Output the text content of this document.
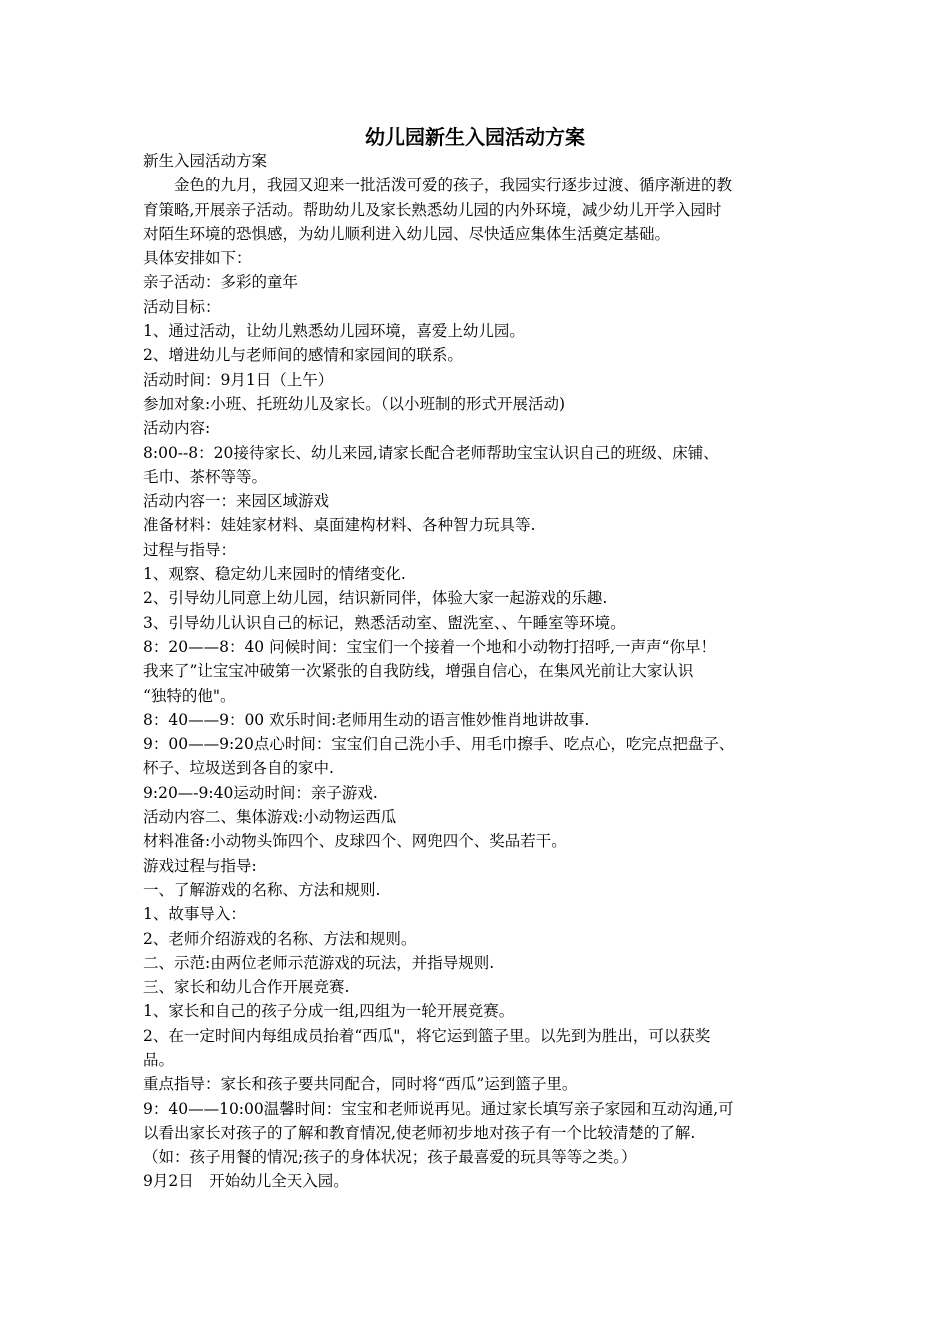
幼儿园新生入园活动方案

新生入园活动方案

金色的九月，我园又迎来一批活泼可爱的孩子，我园实行逐步过渡、循序渐进的教

育策略,开展亲子活动。帮助幼儿及家长熟悉幼儿园的内外环境，减少幼儿开学入园时

对陌生环境的恐惧感，为幼儿顺利进入幼儿园、尽快适应集体生活奠定基础。

具体安排如下：

亲子活动：多彩的童年

活动目标：

1、通过活动，让幼儿熟悉幼儿园环境，喜爱上幼儿园。

2、增进幼儿与老师间的感情和家园间的联系。

活动时间：9月1日（上午）

参加对象:小班、托班幼儿及家长。（以小班制的形式开展活动)

活动内容:

8:00--8：20接待家长、幼儿来园,请家长配合老师帮助宝宝认识自己的班级、床铺、

毛巾、茶杯等等。

活动内容一：来园区域游戏

准备材料：娃娃家材料、桌面建构材料、各种智力玩具等.

过程与指导：

1、观察、稳定幼儿来园时的情绪变化.

2、引导幼儿同意上幼儿园，结识新同伴，体验大家一起游戏的乐趣.

3、引导幼儿认识自己的标记，熟悉活动室、盥洗室、、午睡室等环境。

8：20——8：40 问候时间：宝宝们一个接着一个地和小动物打招呼,一声声“你早！

我来了”让宝宝冲破第一次紧张的自我防线，增强自信心，在集风光前让大家认识

“独特的他"。

8：40——9：00 欢乐时间:老师用生动的语言惟妙惟肖地讲故事.

9：00——9:20点心时间：宝宝们自己洗小手、用毛巾擦手、吃点心，吃完点把盘子、

杯子、垃圾送到各自的家中.

9:20—-9:40运动时间：亲子游戏.

活动内容二、集体游戏:小动物运西瓜

材料准备:小动物头饰四个、皮球四个、网兜四个、奖品若干。

游戏过程与指导:

一、了解游戏的名称、方法和规则.

1、故事导入：

2、老师介绍游戏的名称、方法和规则。

二、示范:由两位老师示范游戏的玩法，并指导规则.

三、家长和幼儿合作开展竞赛.

1、家长和自己的孩子分成一组,四组为一轮开展竞赛。

2、在一定时间内每组成员抬着“西瓜"，将它运到篮子里。以先到为胜出，可以获奖

品。

重点指导：家长和孩子要共同配合，同时将“西瓜”运到篮子里。

9：40——10:00温馨时间：宝宝和老师说再见。通过家长填写亲子家园和互动沟通,可

以看出家长对孩子的了解和教育情况,使老师初步地对孩子有一个比较清楚的了解.

（如：孩子用餐的情况;孩子的身体状况；孩子最喜爱的玩具等等之类。）

9月2日　开始幼儿全天入园。
